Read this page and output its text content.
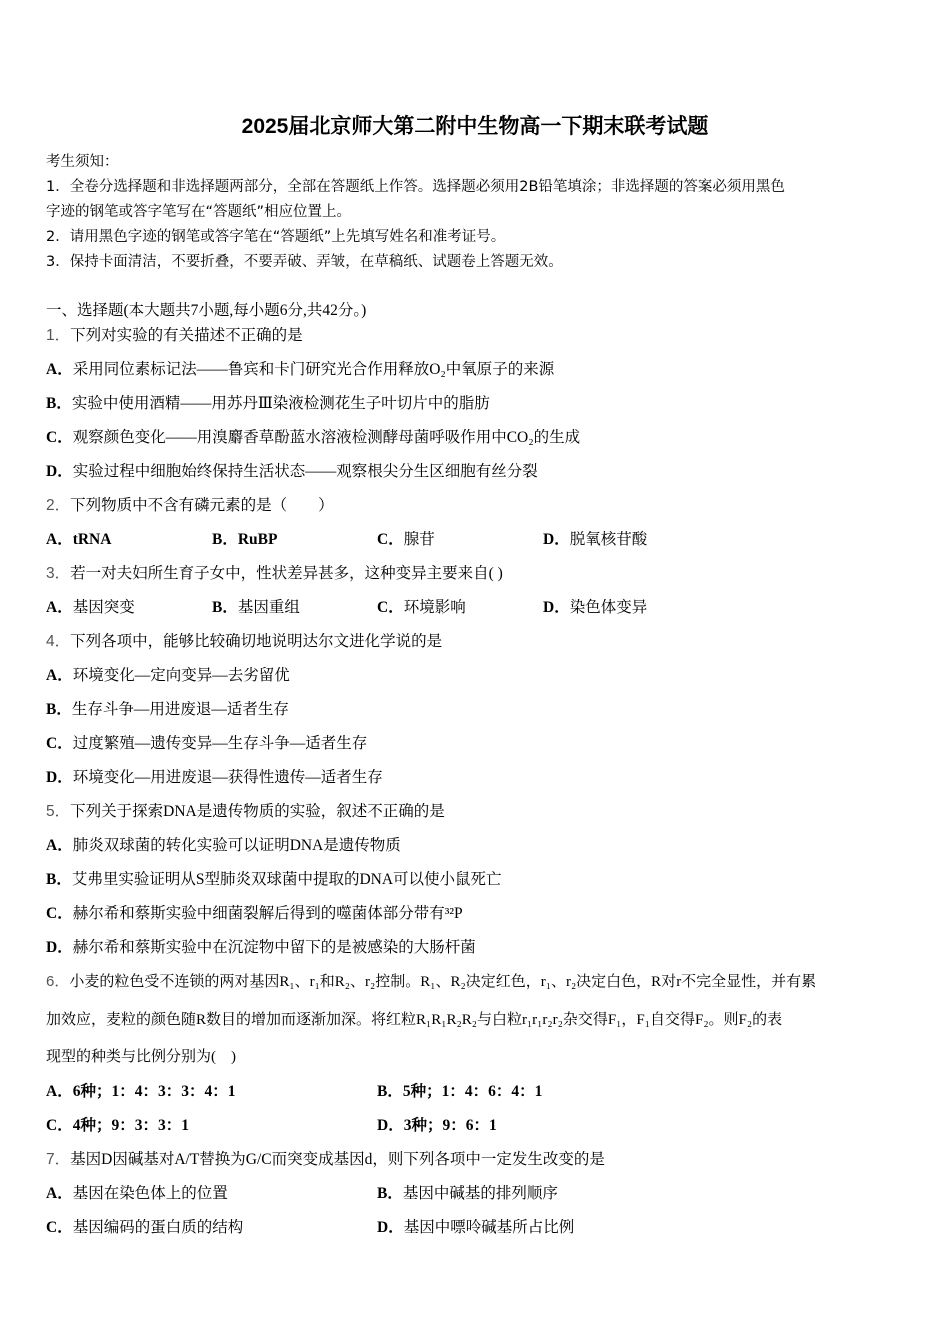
2025届北京师大第二附中生物高一下期末联考试题
考生须知：
1．全卷分选择题和非选择题两部分，全部在答题纸上作答。选择题必须用2B铅笔填涂；非选择题的答案必须用黑色
字迹的钢笔或答字笔写在“答题纸”相应位置上。
2．请用黑色字迹的钢笔或答字笔在“答题纸”上先填写姓名和准考证号。
3．保持卡面清洁，不要折叠，不要弄破、弄皱，在草稿纸、试题卷上答题无效。
一、选择题(本大题共7小题,每小题6分,共42分。)
1．下列对实验的有关描述不正确的是
A．采用同位素标记法——鲁宾和卡门研究光合作用释放O₂中氧原子的来源
B．实验中使用酒精——用苏丹Ⅲ染液检测花生子叶切片中的脂肪
C．观察颜色变化——用溴麝香草酚蓝水溶液检测酵母菌呼吸作用中CO₂的生成
D．实验过程中细胞始终保持生活状态——观察根尖分生区细胞有丝分裂
2．下列物质中不含有磷元素的是（　　）
A．tRNA	B．RuBP	C．腺苷	D．脱氧核苷酸
3．若一对夫妇所生育子女中，性状差异甚多，这种变异主要来自( )
A．基因突变	B．基因重组	C．环境影响	D．染色体变异
4．下列各项中，能够比较确切地说明达尔文进化学说的是
A．环境变化—定向变异—去劣留优
B．生存斗争—用进废退—适者生存
C．过度繁殖—遗传变异—生存斗争—适者生存
D．环境变化—用进废退—获得性遗传—适者生存
5．下列关于探索DNA是遗传物质的实验，叙述不正确的是
A．肺炎双球菌的转化实验可以证明DNA是遗传物质
B．艾弗里实验证明从S型肺炎双球菌中提取的DNA可以使小鼠死亡
C．赫尔希和蔡斯实验中细菌裂解后得到的噬菌体部分带有³²P
D．赫尔希和蔡斯实验中在沉淀物中留下的是被感染的大肠杆菌
6．小麦的粒色受不连锁的两对基因R₁、r₁和R₂、r₂控制。R₁、R₂决定红色，r₁、r₂决定白色，R对r不完全显性，并有累
加效应，麦粒的颜色随R数目的增加而逐渐加深。将红粒R₁R₁R₂R₂与白粒r₁r₁r₂r₂杂交得F₁，F₁自交得F₂。则F₂的表
现型的种类与比例分别为(　)
A．6种；1：4：3：3：4：1	B．5种；1：4：6：4：1
C．4种；9：3：3：1	D．3种；9：6：1
7．基因D因碱基对A/T替换为G/C而突变成基因d，则下列各项中一定发生改变的是
A．基因在染色体上的位置	B．基因中碱基的排列顺序
C．基因编码的蛋白质的结构	D．基因中嘌呤碱基所占比例
